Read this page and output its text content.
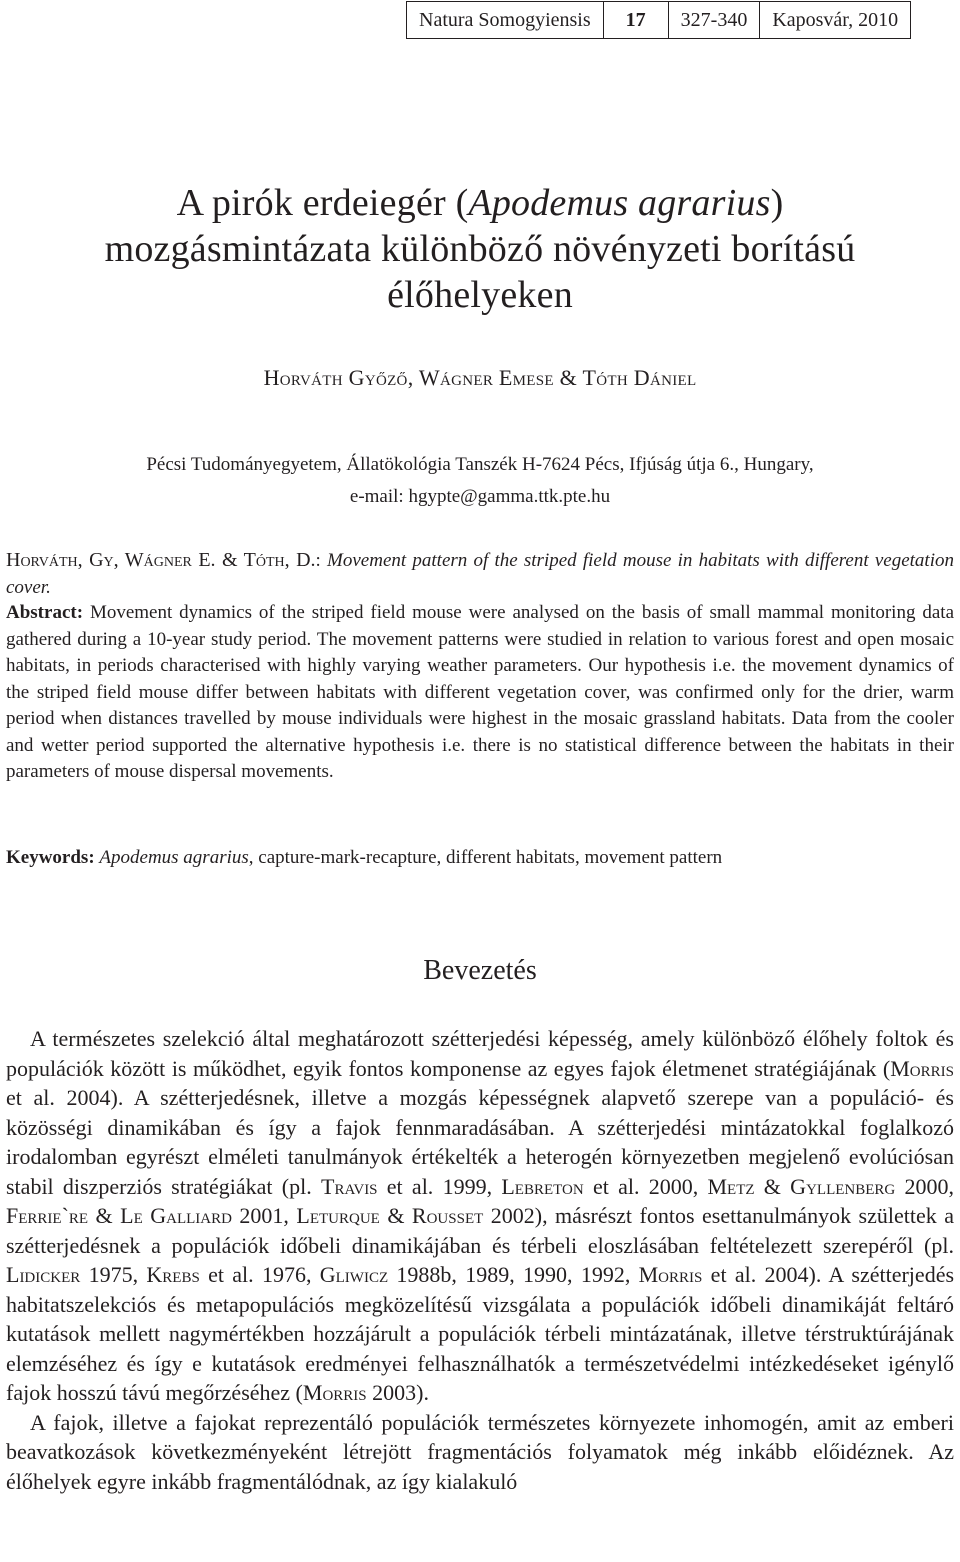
Natura Somogyiensis	17	327-340	Kaposvár, 2010
A pirók erdeiegér (Apodemus agrarius)
mozgásmintázata különböző növényzeti borítású
élőhelyeken
Horváth Győző, Wágner Emese & Tóth Dániel
Pécsi Tudományegyetem, Állatökológia Tanszék H-7624 Pécs, Ifjúság útja 6., Hungary,
e-mail: hgypte@gamma.ttk.pte.hu
Horváth, Gy, Wágner E. & Tóth, D.: Movement pattern of the striped field mouse in habitats with different vegetation cover.
Abstract: Movement dynamics of the striped field mouse were analysed on the basis of small mammal monitoring data gathered during a 10-year study period. The movement patterns were studied in relation to various forest and open mosaic habitats, in periods characterised with highly varying weather parameters. Our hypothesis i.e. the movement dynamics of the striped field mouse differ between habitats with different vegetation cover, was confirmed only for the drier, warm period when distances travelled by mouse individuals were highest in the mosaic grassland habitats. Data from the cooler and wetter period supported the alternative hypothesis i.e. there is no statistical difference between the habitats in their parameters of mouse dispersal movements.
Keywords: Apodemus agrarius, capture-mark-recapture, different habitats, movement pattern
Bevezetés

A természetes szelekció által meghatározott szétterjedési képesség, amely különböző élőhely foltok és populációk között is működhet, egyik fontos komponense az egyes fajok életmenet stratégiájának (Morris et al. 2004). A szétterjedésnek, illetve a mozgás képességnek alapvető szerepe van a populáció- és közösségi dinamikában és így a fajok fennmaradásában. A szétterjedési mintázatokkal foglalkozó irodalomban egyrészt elméleti tanulmányok értékelték a heterogén környezetben megjelenő evolúciósan stabil diszperziós stratégiákat (pl. Travis et al. 1999, Lebreton et al. 2000, Metz & Gyllenberg 2000, Ferrie`re & Le Galliard 2001, Leturque & Rousset 2002), másrészt fontos esettanulmányok születtek a szétterjedésnek a populációk időbeli dinamikájában és térbeli eloszlásában feltételezett szerepéről (pl. Lidicker 1975, Krebs et al. 1976, Gliwicz 1988b, 1989, 1990, 1992, Morris et al. 2004). A szétterjedés habitatszelekciós és metapopulációs megközelítésű vizsgálata a populációk időbeli dinamikáját feltáró kutatások mellett nagymértékben hozzájárult a populációk térbeli mintázatának, illetve térstruktúrájának elemzéséhez és így e kutatások eredményei felhasználhatók a természetvédelmi intézkedéseket igénylő fajok hosszú távú megőrzéséhez (Morris 2003).

A fajok, illetve a fajokat reprezentáló populációk természetes környezete inhomogén, amit az emberi beavatkozások következményeként létrejött fragmentációs folyamatok még inkább előidéznek. Az élőhelyek egyre inkább fragmentálódnak, az így kialakuló
